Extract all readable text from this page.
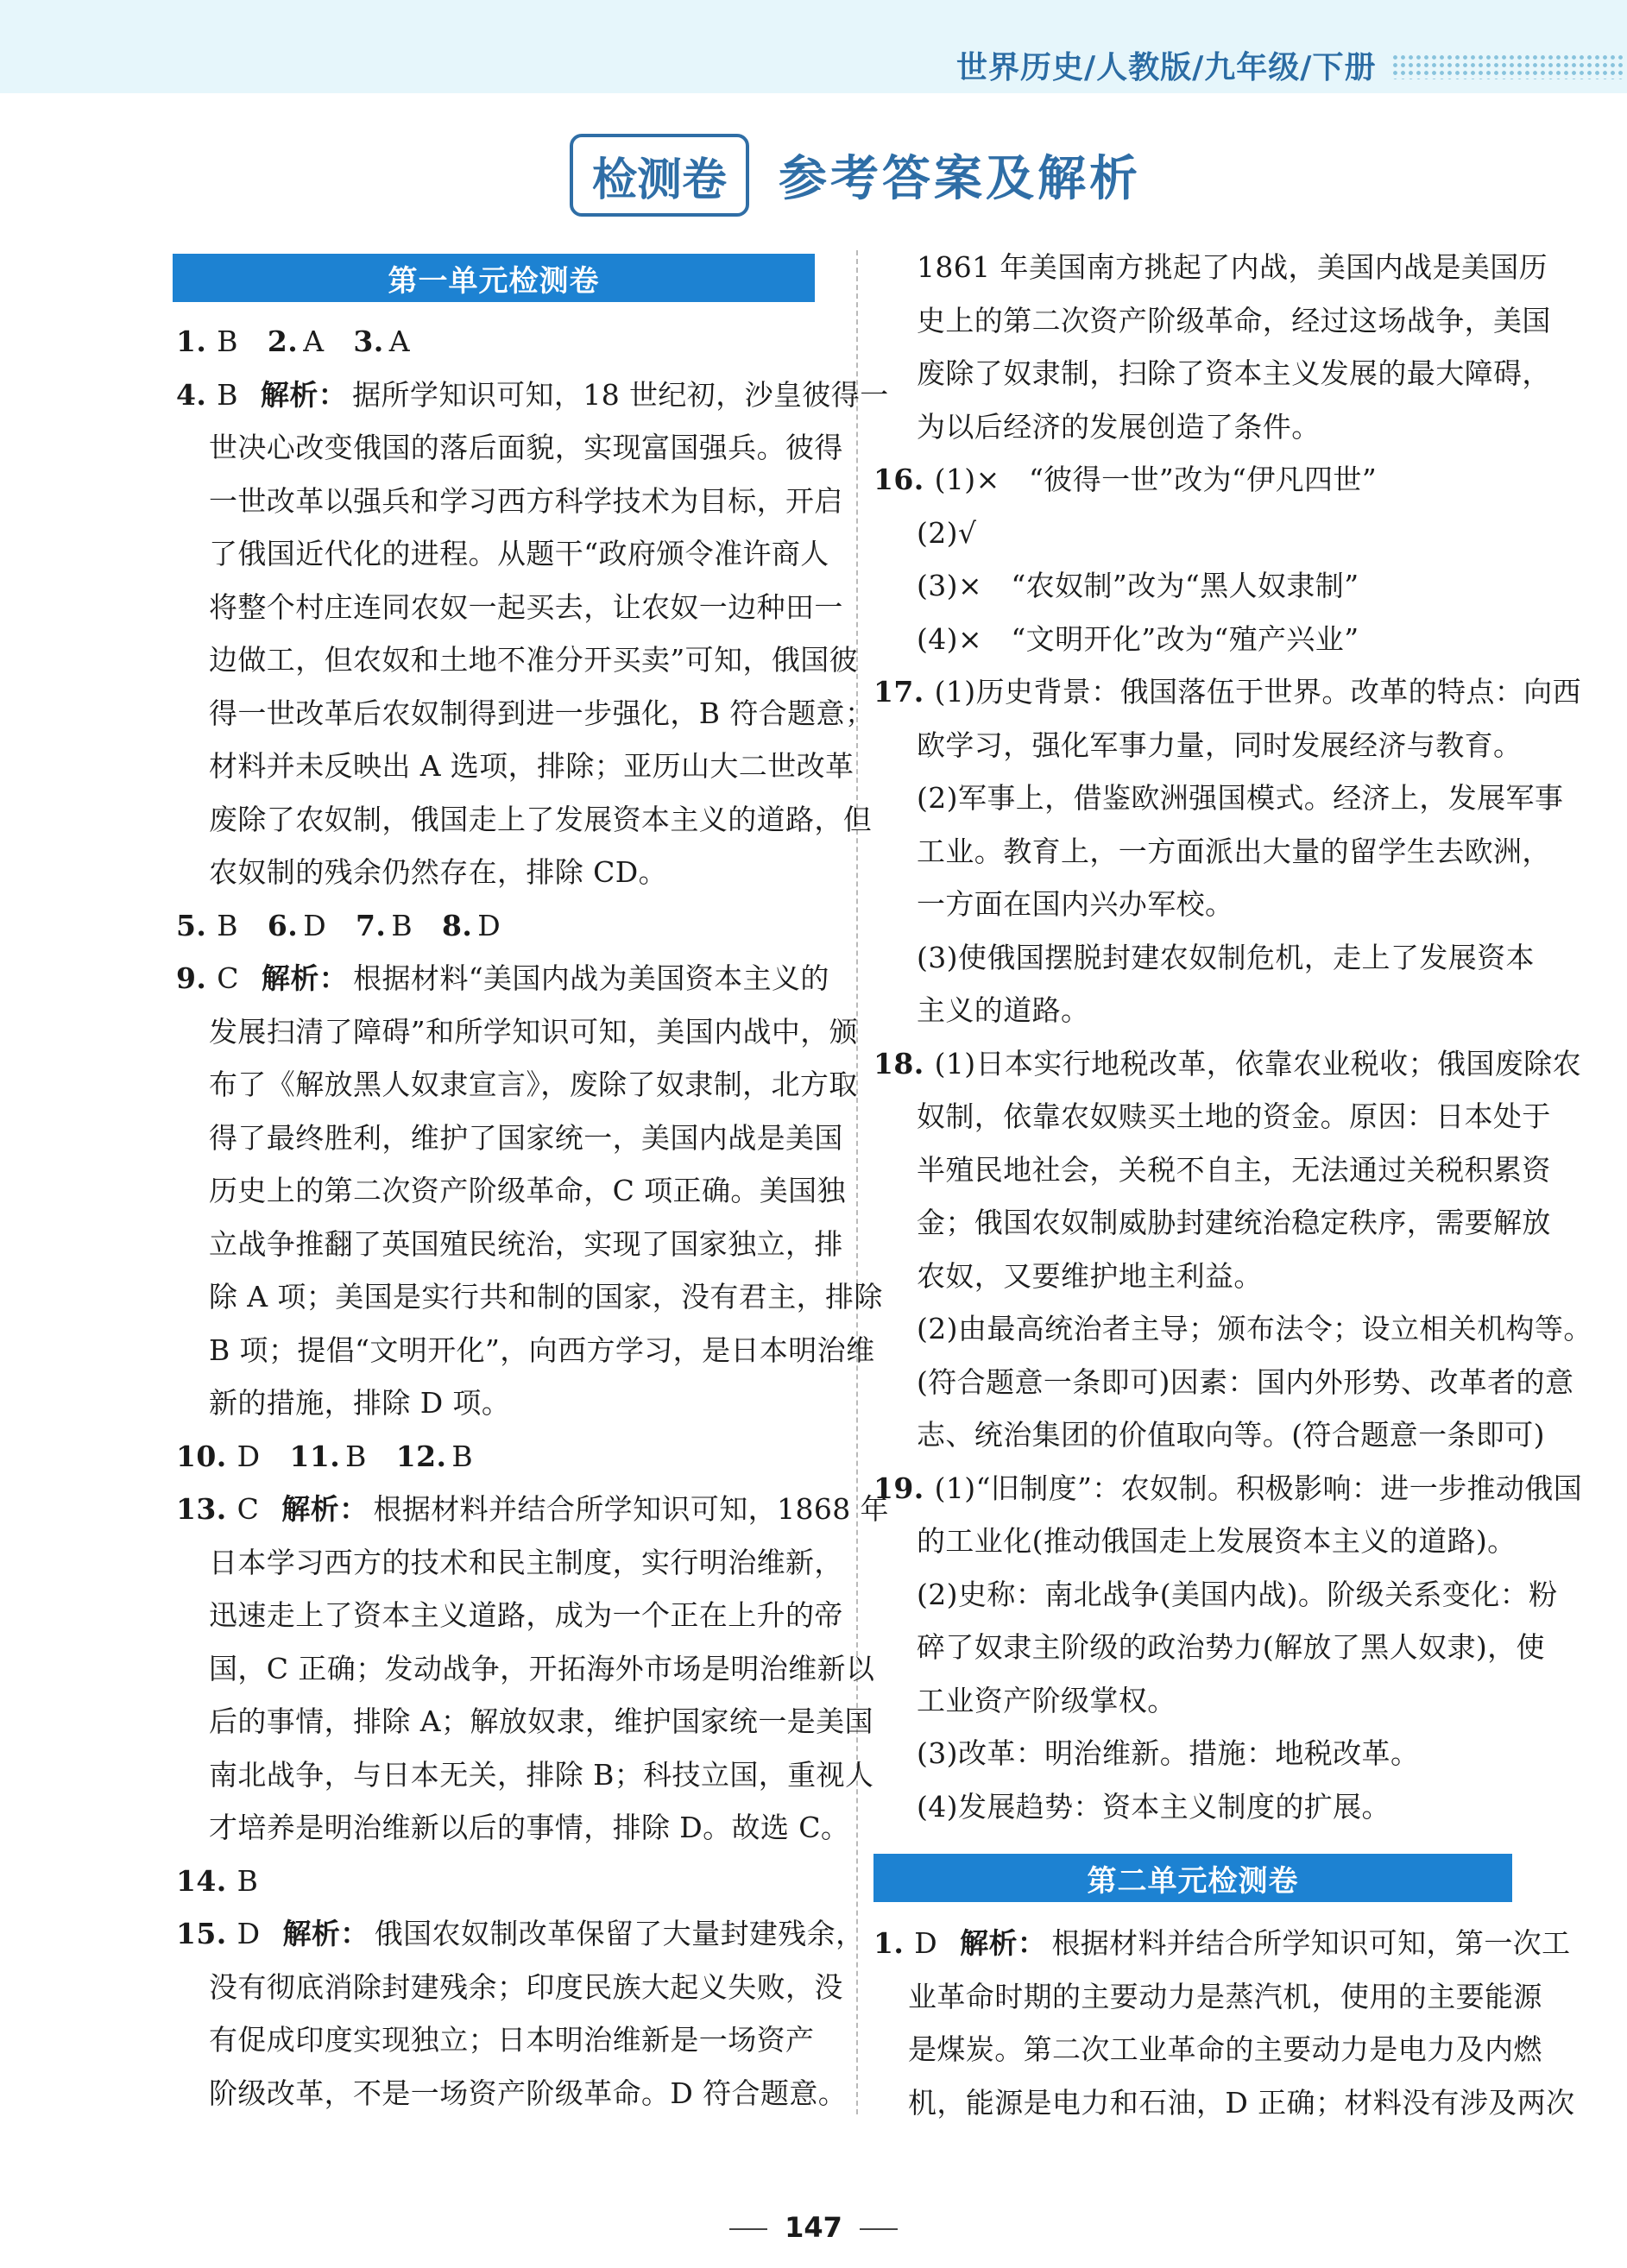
世界历史/人教版/九年级/下册
检测卷	参考答案及解析
第一单元检测卷
1. B 2. A 3. A
4. B 解析： 据所学知识可知，18 世纪初，沙皇彼得一
世决心改变俄国的落后面貌，实现富国强兵。彼得
一世改革以强兵和学习西方科学技术为目标，开启
了俄国近代化的进程。从题干“政府颁令准许商人
将整个村庄连同农奴一起买去，让农奴一边种田一
边做工，但农奴和土地不准分开买卖”可知，俄国彼
得一世改革后农奴制得到进一步强化，B 符合题意；
材料并未反映出 A 选项，排除；亚历山大二世改革
废除了农奴制，俄国走上了发展资本主义的道路，但
农奴制的残余仍然存在，排除 CD。
5. B 6. D 7. B 8. D
9. C 解析： 根据材料“美国内战为美国资本主义的
发展扫清了障碍”和所学知识可知，美国内战中，颁
布了《解放黑人奴隶宣言》，废除了奴隶制，北方取
得了最终胜利，维护了国家统一，美国内战是美国
历史上的第二次资产阶级革命，C 项正确。美国独
立战争推翻了英国殖民统治，实现了国家独立，排
除 A 项；美国是实行共和制的国家，没有君主，排除
B 项；提倡“文明开化”，向西方学习，是日本明治维
新的措施，排除 D 项。
10. D 11. B 12. B
13. C 解析： 根据材料并结合所学知识可知，1868 年
日本学习西方的技术和民主制度，实行明治维新，
迅速走上了资本主义道路，成为一个正在上升的帝
国，C 正确；发动战争，开拓海外市场是明治维新以
后的事情，排除 A；解放奴隶，维护国家统一是美国
南北战争，与日本无关，排除 B；科技立国，重视人
才培养是明治维新以后的事情，排除 D。故选 C。
14. B
15. D 解析： 俄国农奴制改革保留了大量封建残余，
没有彻底消除封建残余；印度民族大起义失败，没
有促成印度实现独立；日本明治维新是一场资产
阶级改革，不是一场资产阶级革命。D 符合题意。
1861 年美国南方挑起了内战，美国内战是美国历
史上的第二次资产阶级革命，经过这场战争，美国
废除了奴隶制，扫除了资本主义发展的最大障碍，
为以后经济的发展创造了条件。
16. (1)×　“彼得一世”改为“伊凡四世”
(2)√
(3)×　“农奴制”改为“黑人奴隶制”
(4)×　“文明开化”改为“殖产兴业”
17. (1)历史背景：俄国落伍于世界。改革的特点：向西
欧学习，强化军事力量，同时发展经济与教育。
(2)军事上，借鉴欧洲强国模式。经济上，发展军事
工业。教育上，一方面派出大量的留学生去欧洲，
一方面在国内兴办军校。
(3)使俄国摆脱封建农奴制危机，走上了发展资本
主义的道路。
18. (1)日本实行地税改革，依靠农业税收；俄国废除农
奴制，依靠农奴赎买土地的资金。原因：日本处于
半殖民地社会，关税不自主，无法通过关税积累资
金；俄国农奴制威胁封建统治稳定秩序，需要解放
农奴，又要维护地主利益。
(2)由最高统治者主导；颁布法令；设立相关机构等。
(符合题意一条即可)因素：国内外形势、改革者的意
志、统治集团的价值取向等。(符合题意一条即可)
19. (1)“旧制度”：农奴制。积极影响：进一步推动俄国
的工业化(推动俄国走上发展资本主义的道路)。
(2)史称：南北战争(美国内战)。阶级关系变化：粉
碎了奴隶主阶级的政治势力(解放了黑人奴隶)，使
工业资产阶级掌权。
(3)改革：明治维新。措施：地税改革。
(4)发展趋势：资本主义制度的扩展。
第二单元检测卷
1. D 解析： 根据材料并结合所学知识可知，第一次工
业革命时期的主要动力是蒸汽机，使用的主要能源
是煤炭。第二次工业革命的主要动力是电力及内燃
机，能源是电力和石油，D 正确；材料没有涉及两次
147
